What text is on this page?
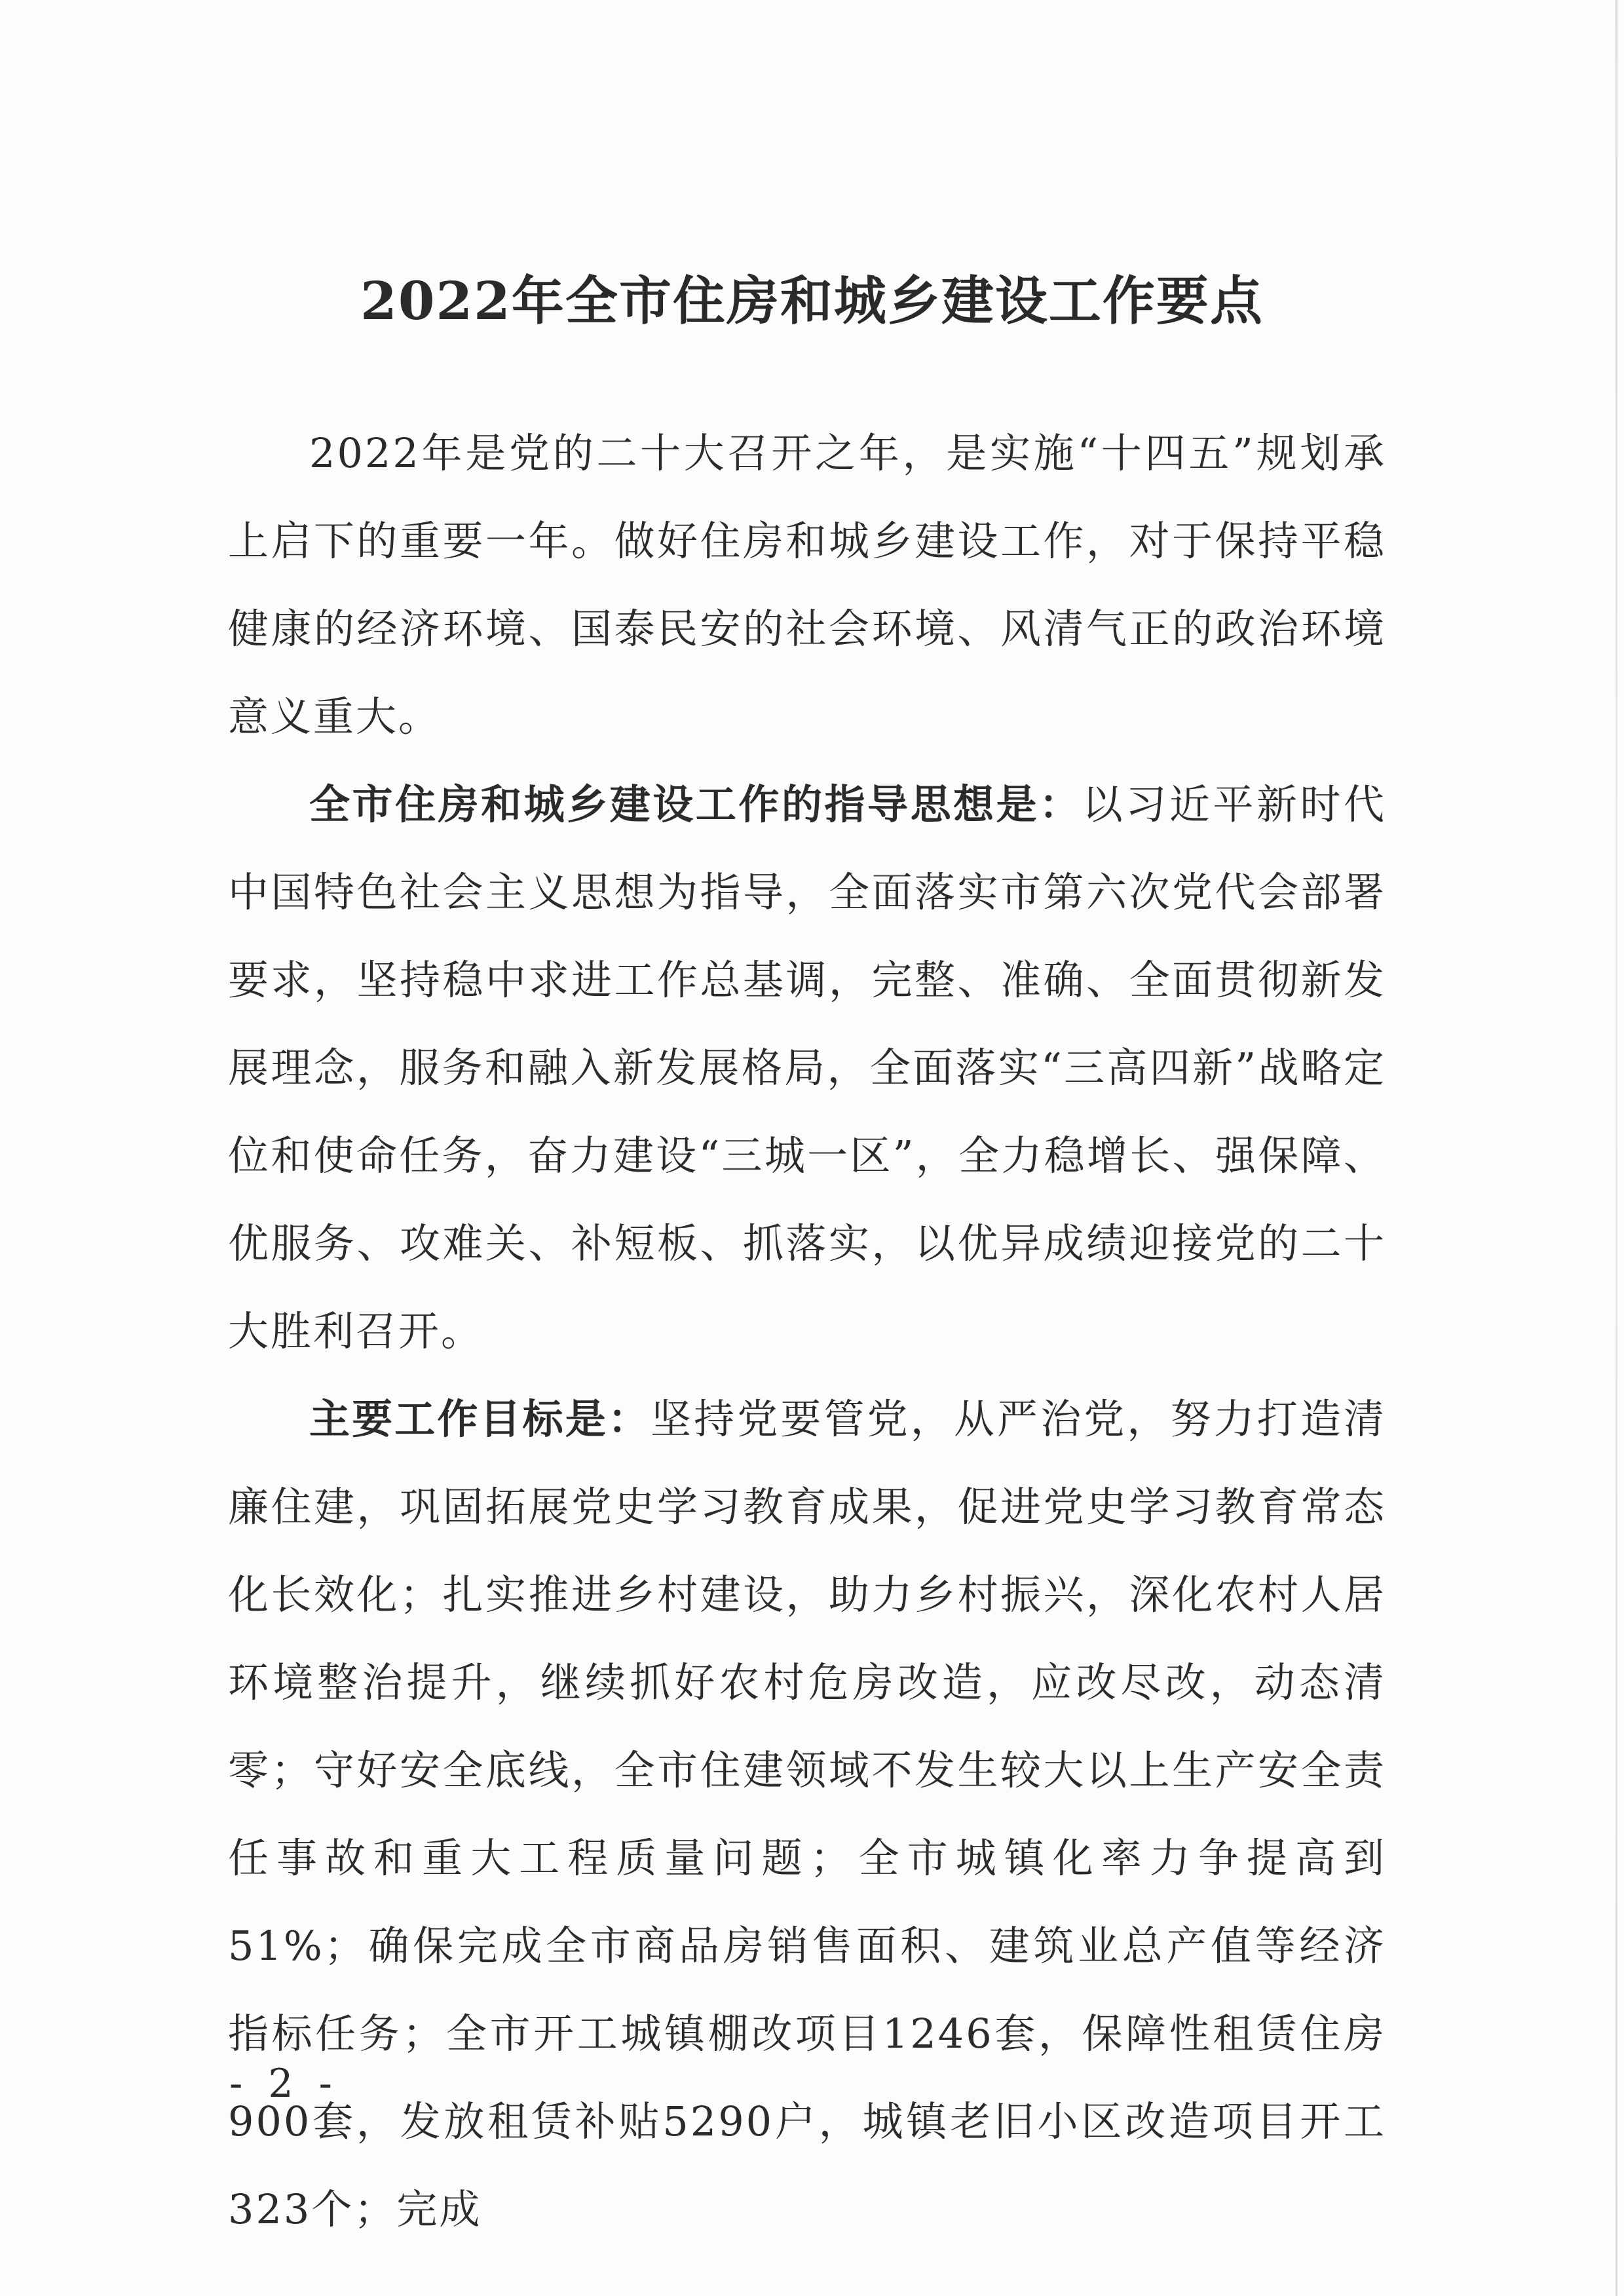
2022年全市住房和城乡建设工作要点

2022年是党的二十大召开之年，是实施“十四五”规划承上启下的重要一年。做好住房和城乡建设工作，对于保持平稳健康的经济环境、国泰民安的社会环境、风清气正的政治环境意义重大。

全市住房和城乡建设工作的指导思想是：以习近平新时代中国特色社会主义思想为指导，全面落实市第六次党代会部署要求，坚持稳中求进工作总基调，完整、准确、全面贯彻新发展理念，服务和融入新发展格局，全面落实“三高四新”战略定位和使命任务，奋力建设“三城一区”，全力稳增长、强保障、优服务、攻难关、补短板、抓落实，以优异成绩迎接党的二十大胜利召开。

主要工作目标是：坚持党要管党，从严治党，努力打造清廉住建，巩固拓展党史学习教育成果，促进党史学习教育常态化长效化；扎实推进乡村建设，助力乡村振兴，深化农村人居环境整治提升，继续抓好农村危房改造，应改尽改，动态清零；守好安全底线，全市住建领域不发生较大以上生产安全责任事故和重大工程质量问题；全市城镇化率力争提高到51%；确保完成全市商品房销售面积、建筑业总产值等经济指标任务；全市开工城镇棚改项目1246套，保障性租赁住房900套，发放租赁补贴5290户，城镇老旧小区改造项目开工323个；完成

- 2 -
